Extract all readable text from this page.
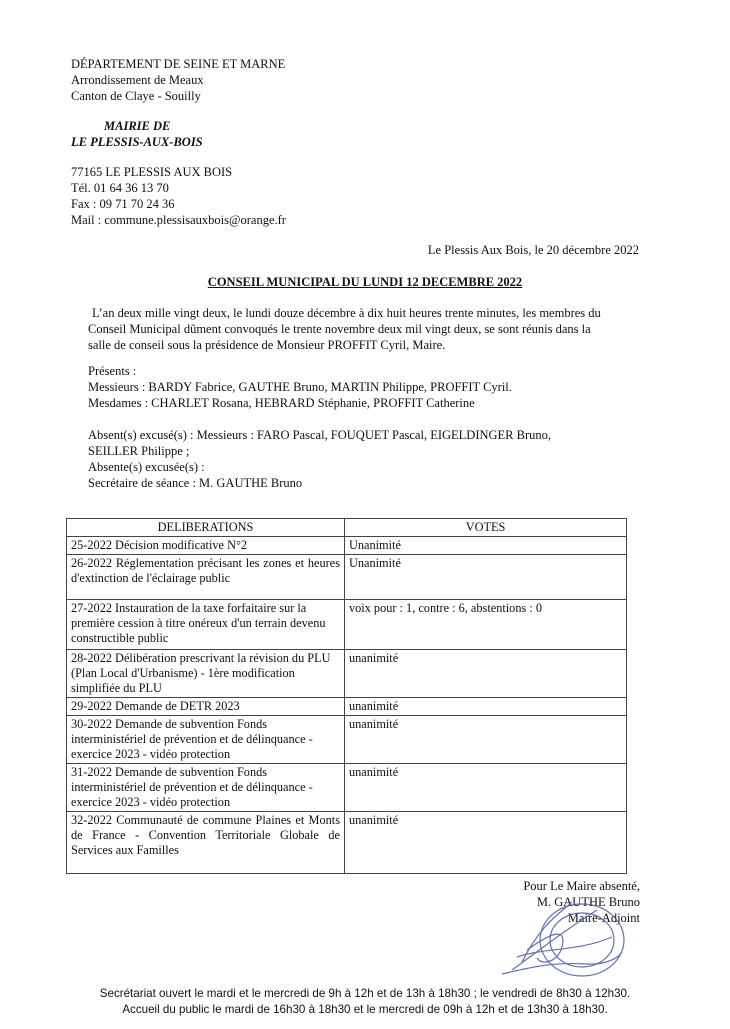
DÉPARTEMENT DE SEINE ET MARNE
Arrondissement de Meaux
Canton de Claye - Souilly
MAIRIE DE
LE PLESSIS-AUX-BOIS
77165 LE PLESSIS AUX BOIS
Tél. 01 64 36 13 70
Fax : 09 71 70 24 36
Mail : commune.plessisauxbois@orange.fr
Le Plessis Aux Bois, le 20 décembre 2022
CONSEIL MUNICIPAL DU LUNDI 12 DECEMBRE 2022
L’an deux mille vingt deux, le lundi douze décembre à dix huit heures trente minutes, les membres du
Conseil Municipal dûment convoqués le trente novembre deux mil vingt deux, se sont réunis dans la
salle de conseil sous la présidence de Monsieur PROFFIT Cyril, Maire.
Présents :
Messieurs : BARDY Fabrice, GAUTHE Bruno, MARTIN Philippe, PROFFIT Cyril.
Mesdames : CHARLET Rosana, HEBRARD Stéphanie, PROFFIT Catherine
Absent(s) excusé(s) : Messieurs : FARO Pascal, FOUQUET Pascal, EIGELDINGER Bruno,
SEILLER Philippe ;
Absente(s) excusée(s) :
Secrétaire de séance : M. GAUTHE Bruno
DELIBERATIONS	VOTES
25-2022 Décision modificative N°2	Unanimité
26-2022 Réglementation précisant les zones et heures d'extinction de l'éclairage public	Unanimité
27-2022 Instauration de la taxe forfaitaire sur la première cession à titre onéreux d'un terrain devenu constructible public	voix pour : 1, contre : 6, abstentions : 0
28-2022 Délibération prescrivant la révision du PLU (Plan Local d'Urbanisme) - 1ère modification simplifiée du PLU	unanimité
29-2022 Demande de DETR 2023	unanimité
30-2022 Demande de subvention Fonds interministériel de prévention et de délinquance - exercice 2023 - vidéo protection	unanimité
31-2022 Demande de subvention Fonds interministériel de prévention et de délinquance - exercice 2023 - vidéo protection	unanimité
32-2022 Communauté de commune Plaines et Monts de France - Convention Territoriale Globale de Services aux Familles	unanimité
Pour Le Maire absenté,
M. GAUTHE Bruno
Maire-Adjoint
Secrétariat ouvert le mardi et le mercredi de 9h à 12h et de 13h à 18h30 ; le vendredi de 8h30 à 12h30.
Accueil du public le mardi de 16h30 à 18h30 et le mercredi de 09h à 12h et de 13h30 à 18h30.
